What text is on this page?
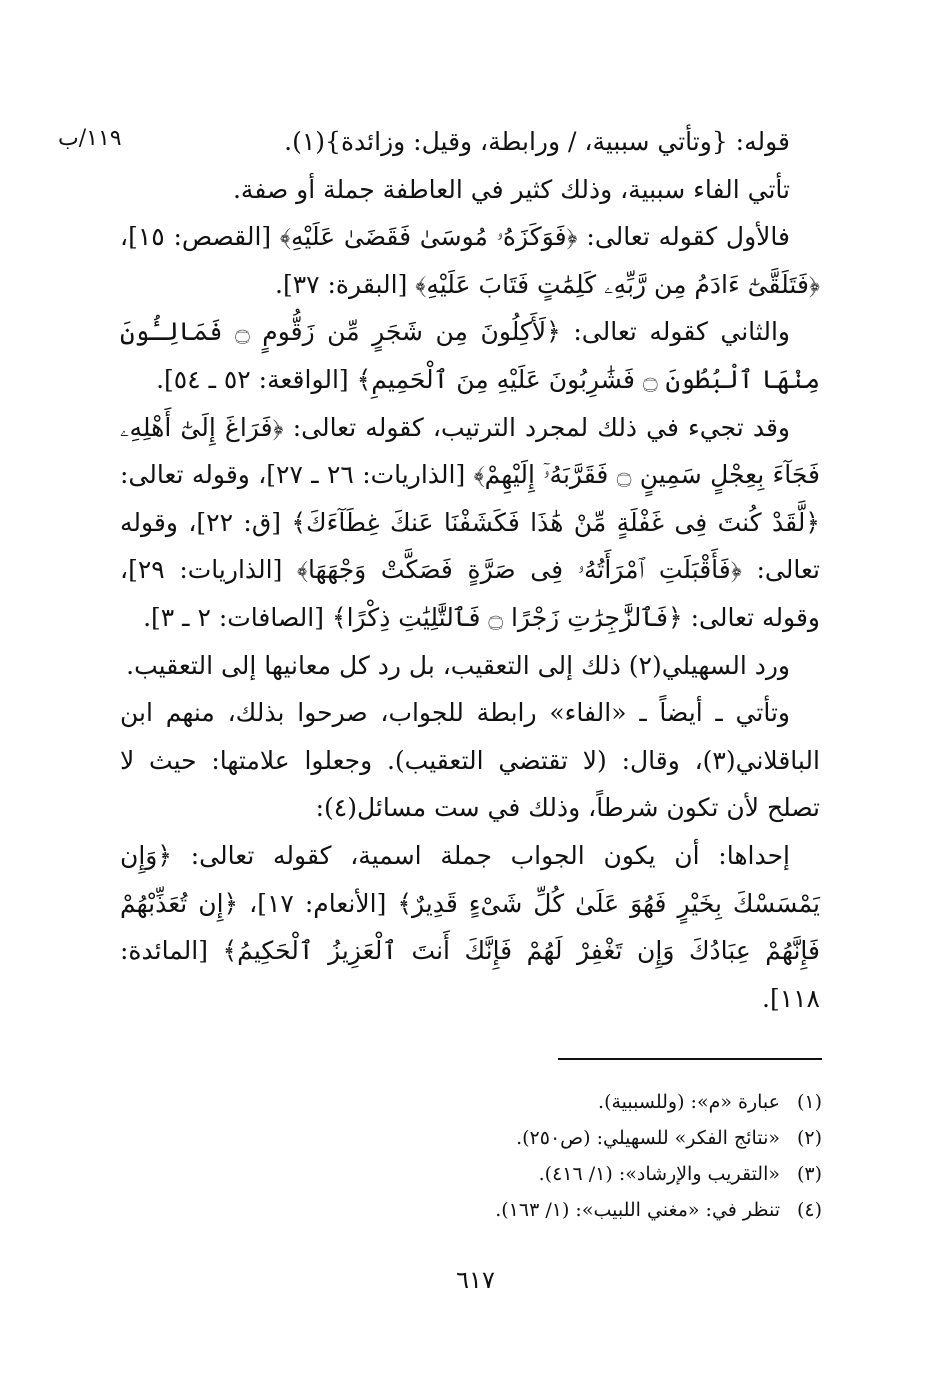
١١٩/ب	قوله: {وتأتي سببية، / ورابطة، وقيل: وزائدة}(١).

تأتي الفاء سببية، وذلك كثير في العاطفة جملة أو صفة.

فالأول كقوله تعالى: ﴿فَوَكَزَهُۥ مُوسَىٰ فَقَضَىٰ عَلَيْهِ﴾ [القصص: ١٥]، ﴿فَتَلَقَّىٰٓ ءَادَمُ مِن رَّبِّهِۦ كَلِمَٰتٍ فَتَابَ عَلَيْهِ﴾ [البقرة: ٣٧].

والثاني كقوله تعالى: ﴿لَأَكِلُونَ مِن شَجَرٍ مِّن زَقُّومٍ ۝ فَمَالِـُٔونَ مِنْهَا ٱلْبُطُونَ ۝ فَشَٰرِبُونَ عَلَيْهِ مِنَ ٱلْحَمِيمِ﴾ [الواقعة: ٥٢ ـ ٥٤].

وقد تجيء في ذلك لمجرد الترتيب، كقوله تعالى: ﴿فَرَاغَ إِلَىٰٓ أَهْلِهِۦ فَجَآءَ بِعِجْلٍ سَمِينٍ ۝ فَقَرَّبَهُۥٓ إِلَيْهِمْ﴾ [الذاريات: ٢٦ ـ ٢٧]، وقوله تعالى: ﴿لَّقَدْ كُنتَ فِى غَفْلَةٍ مِّنْ هَٰذَا فَكَشَفْنَا عَنكَ غِطَآءَكَ﴾ [ق: ٢٢]، وقوله تعالى: ﴿فَأَقْبَلَتِ ٱمْرَأَتُهُۥ فِى صَرَّةٍ فَصَكَّتْ وَجْهَهَا﴾ [الذاريات: ٢٩]، وقوله تعالى: ﴿فَٱلزَّٰجِرَٰتِ زَجْرًا ۝ فَٱلتَّٰلِيَٰتِ ذِكْرًا﴾ [الصافات: ٢ ـ ٣].

ورد السهيلي(٢) ذلك إلى التعقيب، بل رد كل معانيها إلى التعقيب.

وتأتي ـ أيضاً ـ «الفاء» رابطة للجواب، صرحوا بذلك، منهم ابن الباقلاني(٣)، وقال: (لا تقتضي التعقيب). وجعلوا علامتها: حيث لا تصلح لأن تكون شرطاً، وذلك في ست مسائل(٤):

إحداها: أن يكون الجواب جملة اسمية، كقوله تعالى: ﴿وَإِن يَمْسَسْكَ بِخَيْرٍ فَهُوَ عَلَىٰ كُلِّ شَىْءٍ قَدِيرٌ﴾ [الأنعام: ١٧]، ﴿إِن تُعَذِّبْهُمْ فَإِنَّهُمْ عِبَادُكَ وَإِن تَغْفِرْ لَهُمْ فَإِنَّكَ أَنتَ ٱلْعَزِيزُ ٱلْحَكِيمُ﴾ [المائدة: ١١٨].

(١)
عبارة «م»: (وللسببية).
(٢)
«نتائج الفكر» للسهيلي: (ص٢٥٠).
(٣)
«التقريب والإرشاد»: (١/ ٤١٦).
(٤)
تنظر في: «مغني اللبيب»: (١/ ١٦٣).
٦١٧
